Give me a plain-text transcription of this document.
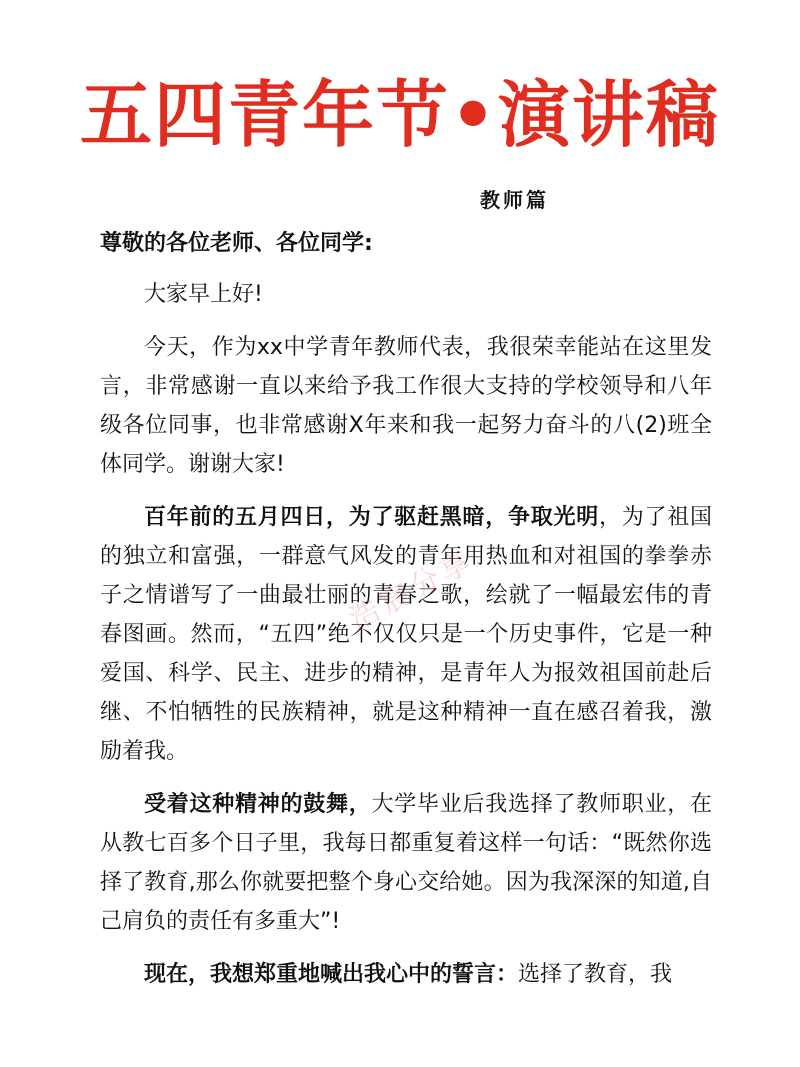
五四青年节•演讲稿
教师篇

尊敬的各位老师、各位同学:

大家早上好!

今天，作为xx中学青年教师代表，我很荣幸能站在这里发言，非常感谢一直以来给予我工作很大支持的学校领导和八年级各位同事，也非常感谢X年来和我一起努力奋斗的八(2)班全体同学。谢谢大家!

百年前的五月四日，为了驱赶黑暗，争取光明，为了祖国的独立和富强，一群意气风发的青年用热血和对祖国的拳拳赤子之情谱写了一曲最壮丽的青春之歌，绘就了一幅最宏伟的青春图画。然而，“五四”绝不仅仅只是一个历史事件，它是一种爱国、科学、民主、进步的精神，是青年人为报效祖国前赴后继、不怕牺牲的民族精神，就是这种精神一直在感召着我，激励着我。

受着这种精神的鼓舞，大学毕业后我选择了教师职业，在从教七百多个日子里，我每日都重复着这样一句话：“既然你选择了教育,那么你就要把整个身心交给她。因为我深深的知道,自己肩负的责任有多重大”!

现在，我想郑重地喊出我心中的誓言：选择了教育，我

浩宸分享
